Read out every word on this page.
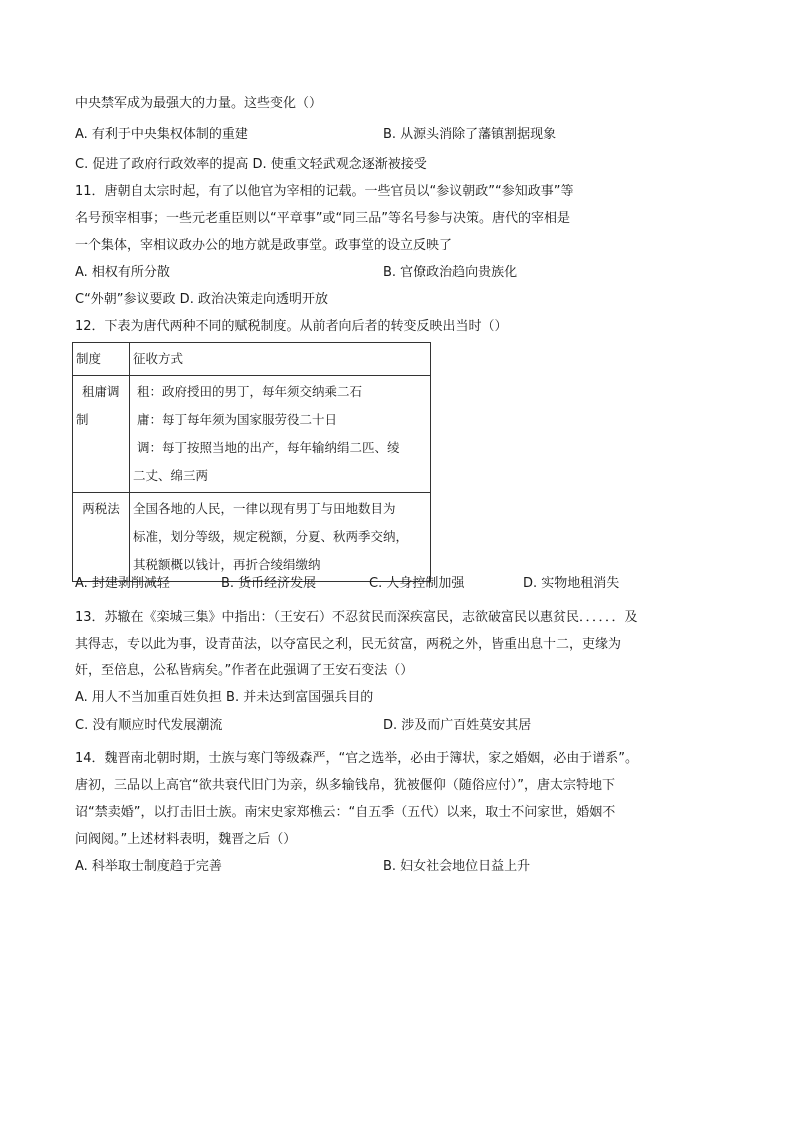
中央禁军成为最强大的力量。这些变化（）
A. 有利于中央集权体制的重建	B. 从源头消除了藩镇割据现象
C. 促进了政府行政效率的提高 D. 使重文轻武观念逐渐被接受
11．唐朝自太宗时起，有了以他官为宰相的记载。一些官员以“参议朝政”“参知政事”等
名号预宰相事；一些元老重臣则以“平章事”或“同三品”等名号参与决策。唐代的宰相是
一个集体，宰相议政办公的地方就是政事堂。政事堂的设立反映了
A. 相权有所分散	B. 官僚政治趋向贵族化
C“外朝”参议要政 D. 政治决策走向透明开放
12．下表为唐代两种不同的赋税制度。从前者向后者的转变反映出当时（）
制度	征收方式

租庸调
制	租：政府授田的男丁，每年须交纳乘二石
庸：每丁每年须为国家服劳役二十日
调：每丁按照当地的出产，每年输纳绢二匹、绫
二丈、绵三两

两税法	全国各地的人民，一律以现有男丁与田地数目为
标准，划分等级，规定税额，分夏、秋两季交纳，
其税额概以钱计，再折合绫绢缴纳
A. 封建剥削减轻	B. 货币经济发展	C. 人身控制加强	D. 实物地租消失
13．苏辙在《栾城三集》中指出：（王安石）不忍贫民而深疾富民，志欲破富民以惠贫民．．．．．．及
其得志，专以此为事，设青苗法，以夺富民之利，民无贫富，两税之外，皆重出息十二，吏缘为
奸，至倍息，公私皆病矣。”作者在此强调了王安石变法（）
A. 用人不当加重百姓负担 B. 并未达到富国强兵目的
C. 没有顺应时代发展潮流	D. 涉及而广百姓莫安其居
14．魏晋南北朝时期，士族与寒门等级森严，“官之选举，必由于簿状，家之婚姻，必由于谱系”。
唐初，三品以上高官“欲共衰代旧门为亲，纵多输钱帛，犹被偃仰（随俗应付）”，唐太宗特地下
诏“禁卖婚”，以打击旧士族。南宋史家郑樵云：“自五季（五代）以来，取士不问家世，婚姻不
问阀阅。”上述材料表明，魏晋之后（）
A. 科举取士制度趋于完善	B. 妇女社会地位日益上升
